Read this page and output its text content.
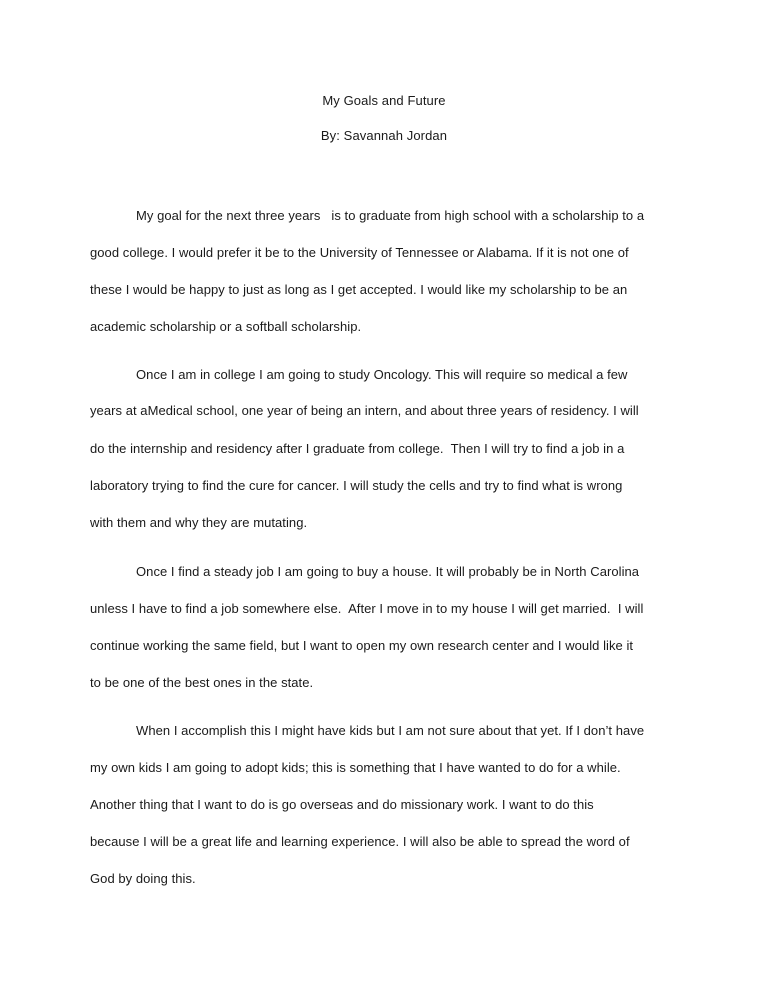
My Goals and Future
By: Savannah Jordan
My goal for the next three years   is to graduate from high school with a scholarship to a
good college. I would prefer it be to the University of Tennessee or Alabama. If it is not one of
these I would be happy to just as long as I get accepted. I would like my scholarship to be an
academic scholarship or a softball scholarship.
Once I am in college I am going to study Oncology. This will require so medical a few
years at aMedical school, one year of being an intern, and about three years of residency. I will
do the internship and residency after I graduate from college.  Then I will try to find a job in a
laboratory trying to find the cure for cancer. I will study the cells and try to find what is wrong
with them and why they are mutating.
Once I find a steady job I am going to buy a house. It will probably be in North Carolina
unless I have to find a job somewhere else.  After I move in to my house I will get married.  I will
continue working the same field, but I want to open my own research center and I would like it
to be one of the best ones in the state.
When I accomplish this I might have kids but I am not sure about that yet. If I don’t have
my own kids I am going to adopt kids; this is something that I have wanted to do for a while.
Another thing that I want to do is go overseas and do missionary work. I want to do this
because I will be a great life and learning experience. I will also be able to spread the word of
God by doing this.
